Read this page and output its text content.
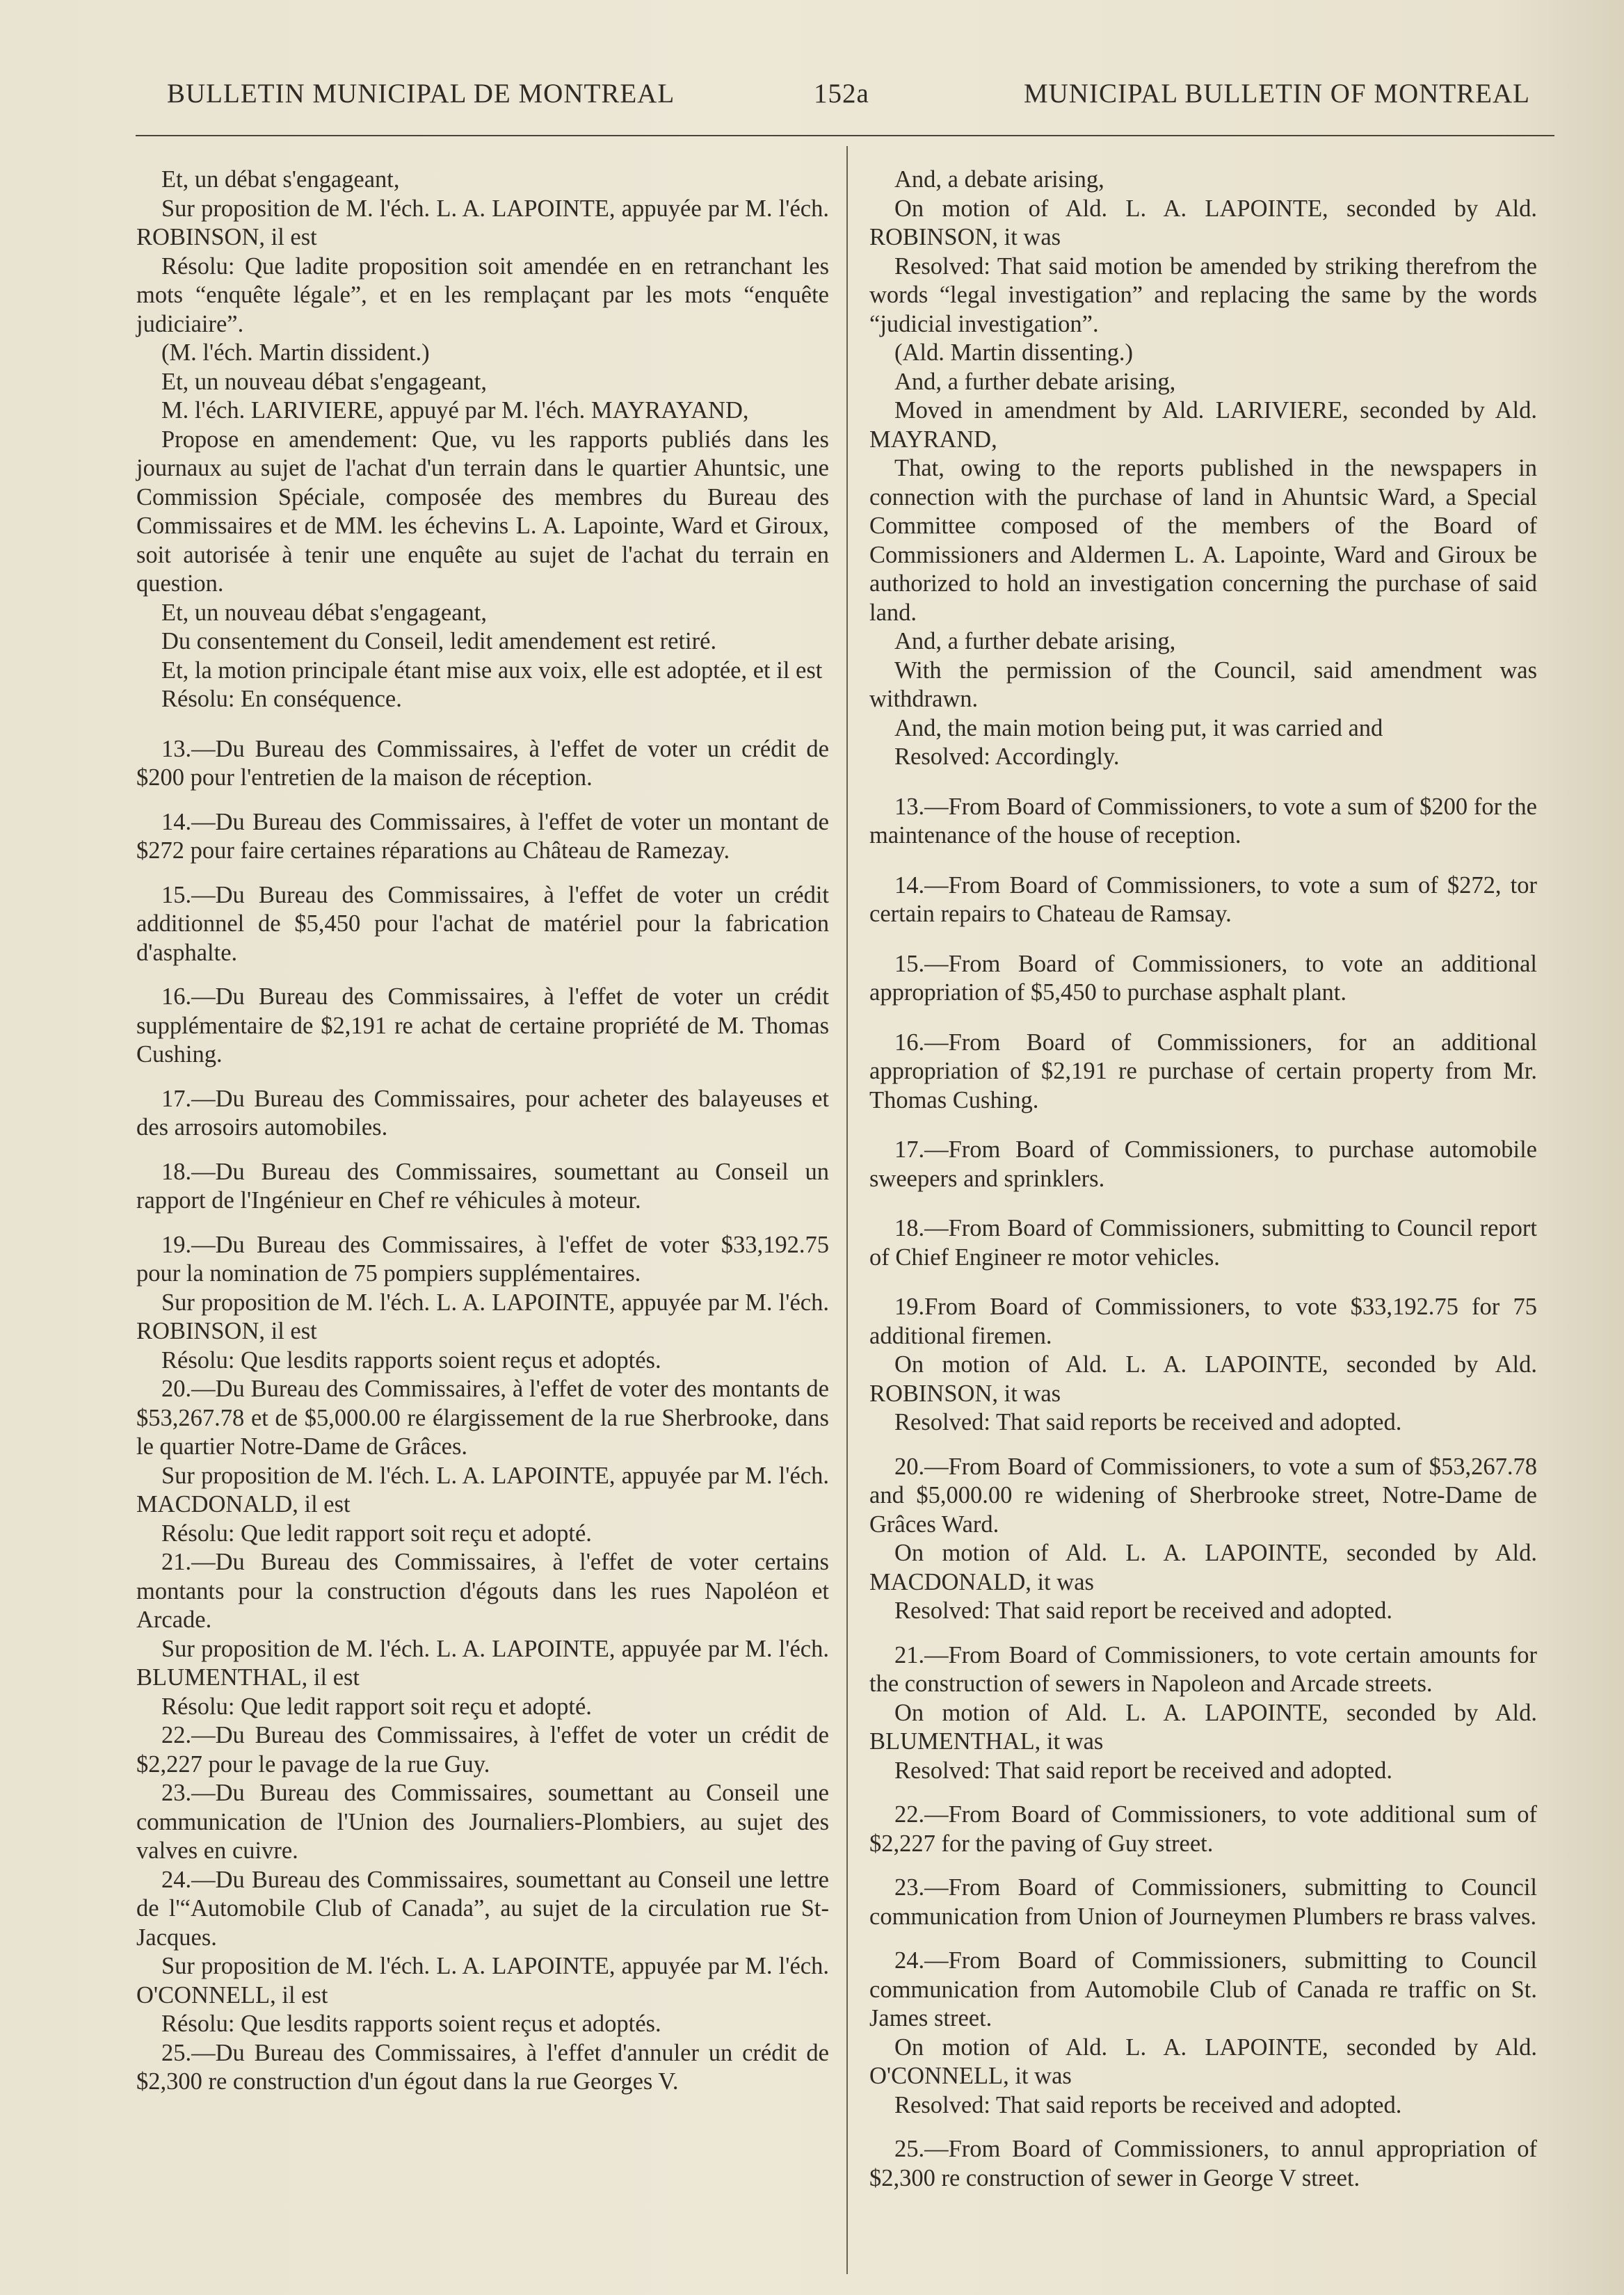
BULLETIN MUNICIPAL DE MONTREAL	152a	MUNICIPAL BULLETIN OF MONTREAL

Et, un débat s'engageant,

Sur proposition de M. l'éch. L. A. LAPOINTE, appuyée par M. l'éch. ROBINSON, il est

Résolu: Que ladite proposition soit amendée en en retranchant les mots “enquête légale”, et en les remplaçant par les mots “enquête judiciaire”.

(M. l'éch. Martin dissident.)

Et, un nouveau débat s'engageant,

M. l'éch. LARIVIERE, appuyé par M. l'éch. MAYRAYAND,

Propose en amendement: Que, vu les rapports publiés dans les journaux au sujet de l'achat d'un terrain dans le quartier Ahuntsic, une Commission Spéciale, composée des membres du Bureau des Commissaires et de MM. les échevins L. A. Lapointe, Ward et Giroux, soit autorisée à tenir une enquête au sujet de l'achat du terrain en question.

Et, un nouveau débat s'engageant,

Du consentement du Conseil, ledit amendement est retiré.

Et, la motion principale étant mise aux voix, elle est adoptée, et il est

Résolu: En conséquence.

13.—Du Bureau des Commissaires, à l'effet de voter un crédit de $200 pour l'entretien de la maison de réception.

14.—Du Bureau des Commissaires, à l'effet de voter un montant de $272 pour faire certaines réparations au Château de Ramezay.

15.—Du Bureau des Commissaires, à l'effet de voter un crédit additionnel de $5,450 pour l'achat de matériel pour la fabrication d'asphalte.

16.—Du Bureau des Commissaires, à l'effet de voter un crédit supplémentaire de $2,191 re achat de certaine propriété de M. Thomas Cushing.

17.—Du Bureau des Commissaires, pour acheter des balayeuses et des arrosoirs automobiles.

18.—Du Bureau des Commissaires, soumettant au Conseil un rapport de l'Ingénieur en Chef re véhicules à moteur.

19.—Du Bureau des Commissaires, à l'effet de voter $33,192.75 pour la nomination de 75 pompiers supplémentaires.

Sur proposition de M. l'éch. L. A. LAPOINTE, appuyée par M. l'éch. ROBINSON, il est

Résolu: Que lesdits rapports soient reçus et adoptés.

20.—Du Bureau des Commissaires, à l'effet de voter des montants de $53,267.78 et de $5,000.00 re élargissement de la rue Sherbrooke, dans le quartier Notre-Dame de Grâces.

Sur proposition de M. l'éch. L. A. LAPOINTE, appuyée par M. l'éch. MACDONALD, il est

Résolu: Que ledit rapport soit reçu et adopté.

21.—Du Bureau des Commissaires, à l'effet de voter certains montants pour la construction d'égouts dans les rues Napoléon et Arcade.

Sur proposition de M. l'éch. L. A. LAPOINTE, appuyée par M. l'éch. BLUMENTHAL, il est

Résolu: Que ledit rapport soit reçu et adopté.

22.—Du Bureau des Commissaires, à l'effet de voter un crédit de $2,227 pour le pavage de la rue Guy.

23.—Du Bureau des Commissaires, soumettant au Conseil une communication de l'Union des Journaliers-Plombiers, au sujet des valves en cuivre.

24.—Du Bureau des Commissaires, soumettant au Conseil une lettre de l'“Automobile Club of Canada”, au sujet de la circulation rue St-Jacques.

Sur proposition de M. l'éch. L. A. LAPOINTE, appuyée par M. l'éch. O'CONNELL, il est

Résolu: Que lesdits rapports soient reçus et adoptés.

25.—Du Bureau des Commissaires, à l'effet d'annuler un crédit de $2,300 re construction d'un égout dans la rue Georges V.

And, a debate arising,

On motion of Ald. L. A. LAPOINTE, seconded by Ald. ROBINSON, it was

Resolved: That said motion be amended by striking therefrom the words “legal investigation” and replacing the same by the words “judicial investigation”.

(Ald. Martin dissenting.)

And, a further debate arising,

Moved in amendment by Ald. LARIVIERE, seconded by Ald. MAYRAND,

That, owing to the reports published in the newspapers in connection with the purchase of land in Ahuntsic Ward, a Special Committee composed of the members of the Board of Commissioners and Aldermen L. A. Lapointe, Ward and Giroux be authorized to hold an investigation concerning the purchase of said land.

And, a further debate arising,

With the permission of the Council, said amendment was withdrawn.

And, the main motion being put, it was carried and

Resolved: Accordingly.

13.—From Board of Commissioners, to vote a sum of $200 for the maintenance of the house of reception.

14.—From Board of Commissioners, to vote a sum of $272, tor certain repairs to Chateau de Ramsay.

15.—From Board of Commissioners, to vote an additional appropriation of $5,450 to purchase asphalt plant.

16.—From Board of Commissioners, for an additional appropriation of $2,191 re purchase of certain property from Mr. Thomas Cushing.

17.—From Board of Commissioners, to purchase automobile sweepers and sprinklers.

18.—From Board of Commissioners, submitting to Council report of Chief Engineer re motor vehicles.

19.From Board of Commissioners, to vote $33,192.75 for 75 additional firemen.

On motion of Ald. L. A. LAPOINTE, seconded by Ald. ROBINSON, it was

Resolved: That said reports be received and adopted.

20.—From Board of Commissioners, to vote a sum of $53,267.78 and $5,000.00 re widening of Sherbrooke street, Notre-Dame de Grâces Ward.

On motion of Ald. L. A. LAPOINTE, seconded by Ald. MACDONALD, it was

Resolved: That said report be received and adopted.

21.—From Board of Commissioners, to vote certain amounts for the construction of sewers in Napoleon and Arcade streets.

On motion of Ald. L. A. LAPOINTE, seconded by Ald. BLUMENTHAL, it was

Resolved: That said report be received and adopted.

22.—From Board of Commissioners, to vote additional sum of $2,227 for the paving of Guy street.

23.—From Board of Commissioners, submitting to Council communication from Union of Journeymen Plumbers re brass valves.

24.—From Board of Commissioners, submitting to Council communication from Automobile Club of Canada re traffic on St. James street.

On motion of Ald. L. A. LAPOINTE, seconded by Ald. O'CONNELL, it was

Resolved: That said reports be received and adopted.

25.—From Board of Commissioners, to annul appropriation of $2,300 re construction of sewer in George V street.
